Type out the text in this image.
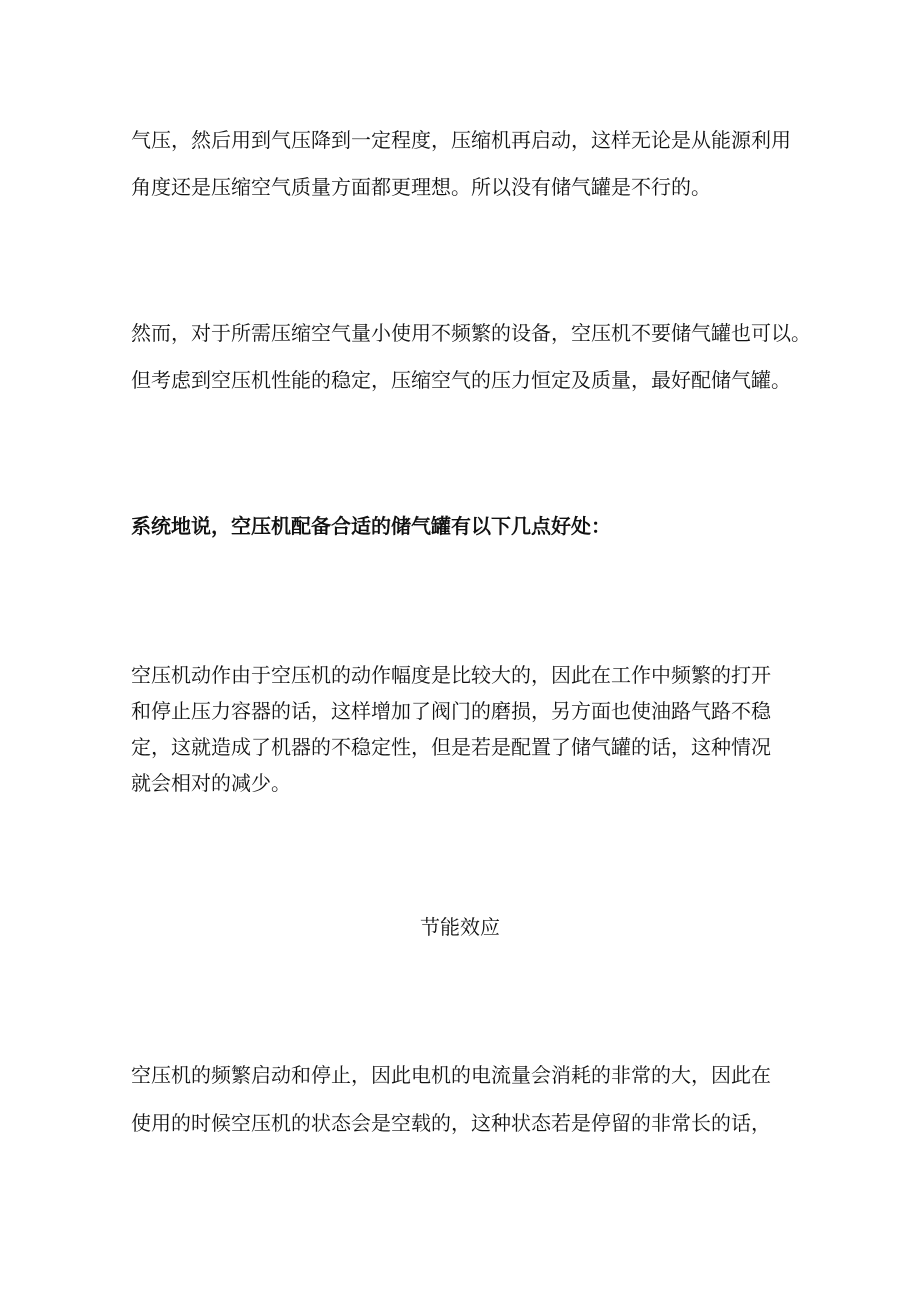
气压，然后用到气压降到一定程度，压缩机再启动，这样无论是从能源利用
角度还是压缩空气质量方面都更理想。所以没有储气罐是不行的。

然而，对于所需压缩空气量小使用不频繁的设备，空压机不要储气罐也可以。
但考虑到空压机性能的稳定，压缩空气的压力恒定及质量，最好配储气罐。

系统地说，空压机配备合适的储气罐有以下几点好处：

空压机动作由于空压机的动作幅度是比较大的，因此在工作中频繁的打开
和停止压力容器的话，这样增加了阀门的磨损，另方面也使油路气路不稳
定，这就造成了机器的不稳定性，但是若是配置了储气罐的话，这种情况
就会相对的减少。

节能效应

空压机的频繁启动和停止，因此电机的电流量会消耗的非常的大，因此在
使用的时候空压机的状态会是空载的，这种状态若是停留的非常长的话，
